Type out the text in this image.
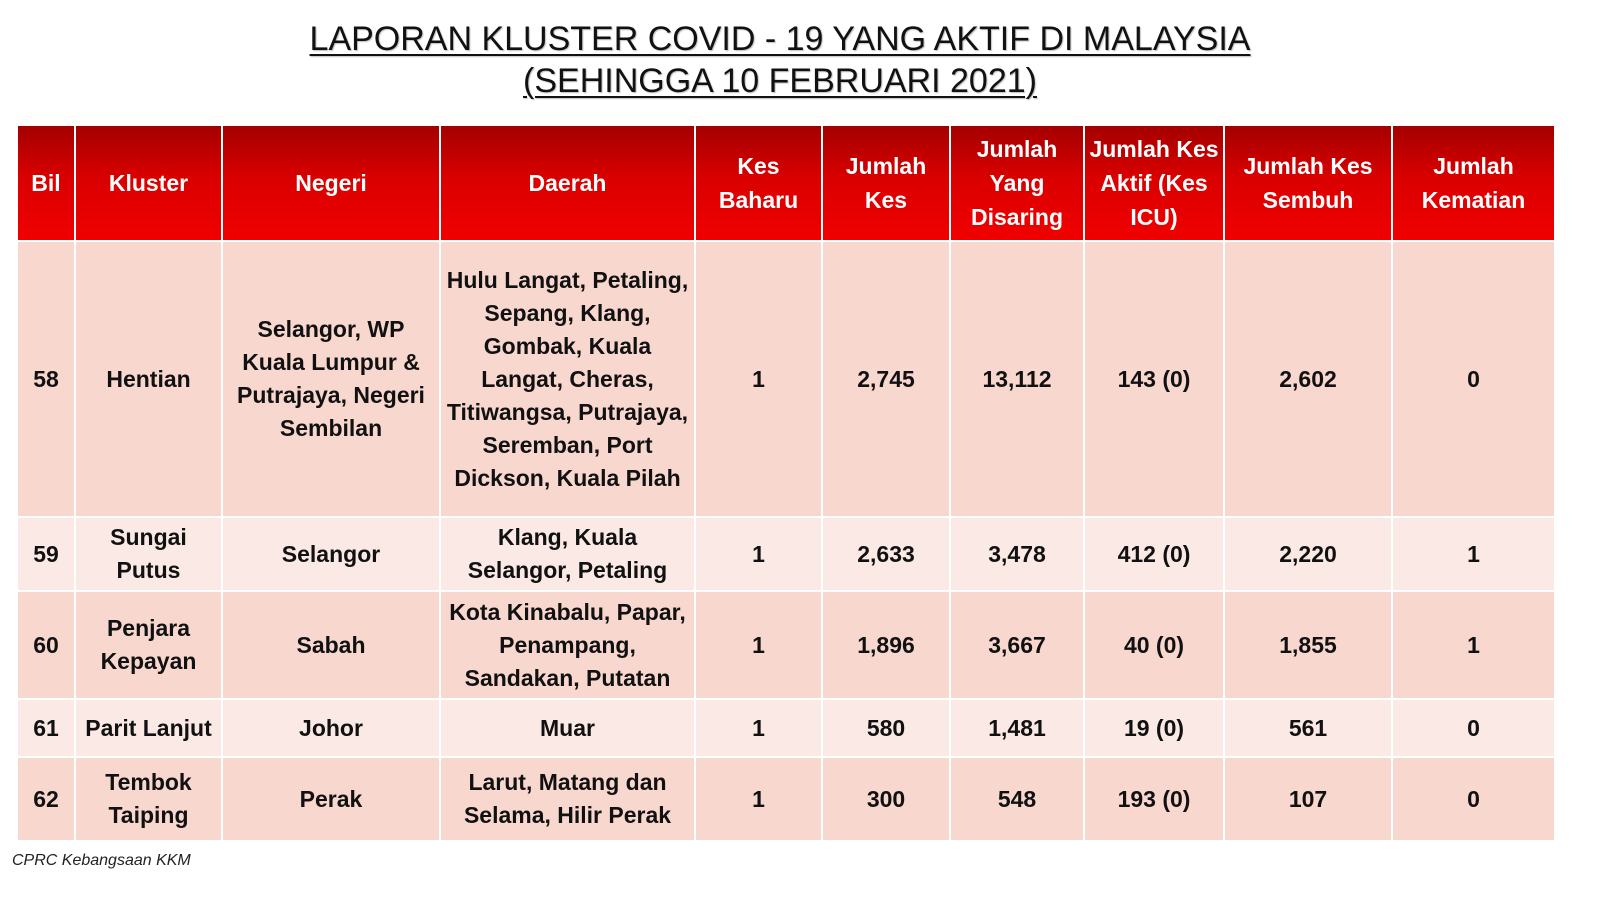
LAPORAN KLUSTER COVID - 19 YANG AKTIF DI MALAYSIA
(SEHINGGA 10 FEBRUARI 2021)
Bil	Kluster	Negeri	Daerah	Kes Baharu	Jumlah Kes	Jumlah Yang Disaring	Jumlah Kes Aktif (Kes ICU)	Jumlah Kes Sembuh	Jumlah Kematian
58	Hentian	Selangor, WP Kuala Lumpur & Putrajaya, Negeri Sembilan	Hulu Langat, Petaling, Sepang, Klang, Gombak, Kuala Langat, Cheras, Titiwangsa, Putrajaya, Seremban, Port Dickson, Kuala Pilah	1	2,745	13,112	143 (0)	2,602	0
59	Sungai Putus	Selangor	Klang, Kuala Selangor, Petaling	1	2,633	3,478	412 (0)	2,220	1
60	Penjara Kepayan	Sabah	Kota Kinabalu, Papar, Penampang, Sandakan, Putatan	1	1,896	3,667	40 (0)	1,855	1
61	Parit Lanjut	Johor	Muar	1	580	1,481	19 (0)	561	0
62	Tembok Taiping	Perak	Larut, Matang dan Selama, Hilir Perak	1	300	548	193 (0)	107	0
CPRC Kebangsaan KKM
